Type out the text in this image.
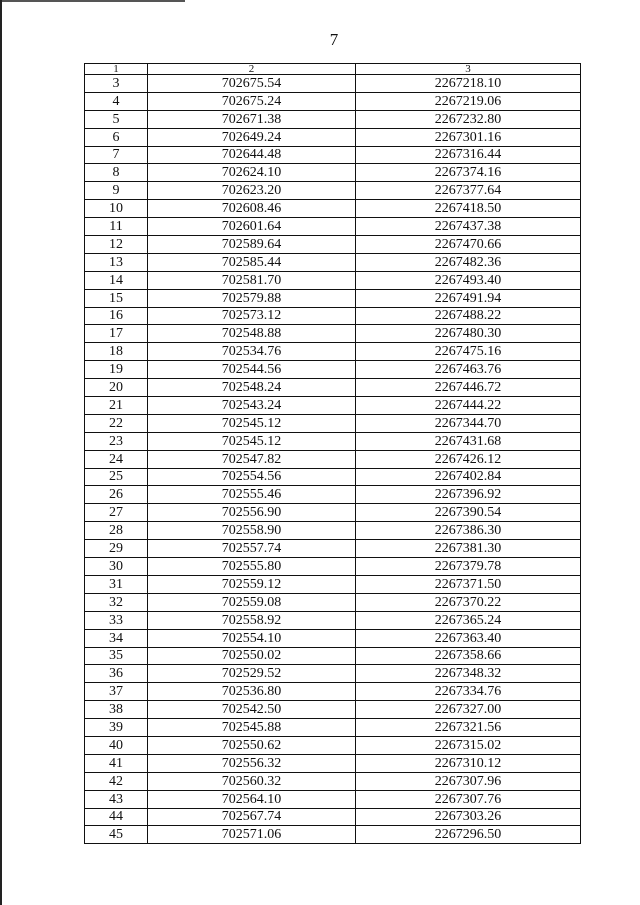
7
1	2	3
3	702675.54	2267218.10
4	702675.24	2267219.06
5	702671.38	2267232.80
6	702649.24	2267301.16
7	702644.48	2267316.44
8	702624.10	2267374.16
9	702623.20	2267377.64
10	702608.46	2267418.50
11	702601.64	2267437.38
12	702589.64	2267470.66
13	702585.44	2267482.36
14	702581.70	2267493.40
15	702579.88	2267491.94
16	702573.12	2267488.22
17	702548.88	2267480.30
18	702534.76	2267475.16
19	702544.56	2267463.76
20	702548.24	2267446.72
21	702543.24	2267444.22
22	702545.12	2267344.70
23	702545.12	2267431.68
24	702547.82	2267426.12
25	702554.56	2267402.84
26	702555.46	2267396.92
27	702556.90	2267390.54
28	702558.90	2267386.30
29	702557.74	2267381.30
30	702555.80	2267379.78
31	702559.12	2267371.50
32	702559.08	2267370.22
33	702558.92	2267365.24
34	702554.10	2267363.40
35	702550.02	2267358.66
36	702529.52	2267348.32
37	702536.80	2267334.76
38	702542.50	2267327.00
39	702545.88	2267321.56
40	702550.62	2267315.02
41	702556.32	2267310.12
42	702560.32	2267307.96
43	702564.10	2267307.76
44	702567.74	2267303.26
45	702571.06	2267296.50
